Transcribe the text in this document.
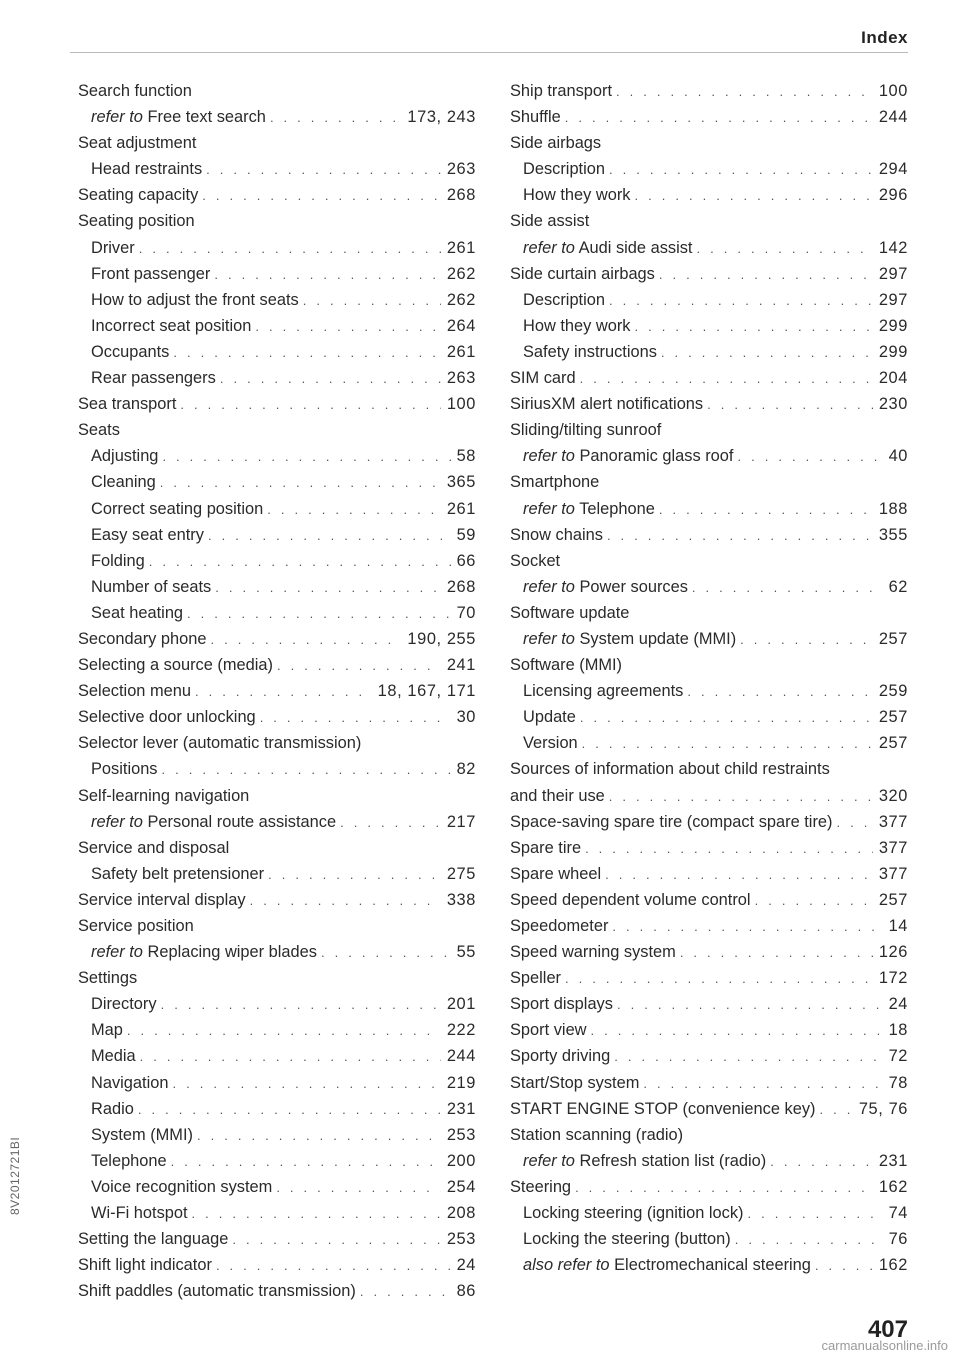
Index
Search function
refer to Free text search . . .	173, 243
Seat adjustment
Head restraints . . .	263
Seating capacity . . .	268
Seating position
Driver . . .	261
Front passenger . . .	262
How to adjust the front seats . . .	262
Incorrect seat position . . .	264
Occupants . . .	261
Rear passengers . . .	263
Sea transport . . .	100
Seats
Adjusting . . .	58
Cleaning . . .	365
Correct seating position . . .	261
Easy seat entry . . .	59
Folding . . .	66
Number of seats . . .	268
Seat heating . . .	70
Secondary phone . . .	190, 255
Selecting a source (media) . . .	241
Selection menu . . .	18, 167, 171
Selective door unlocking . . .	30
Selector lever (automatic transmission)
Positions . . .	82
Self-learning navigation
refer to Personal route assistance . . .	217
Service and disposal
Safety belt pretensioner . . .	275
Service interval display . . .	338
Service position
refer to Replacing wiper blades . . .	55
Settings
Directory . . .	201
Map . . .	222
Media . . .	244
Navigation . . .	219
Radio . . .	231
System (MMI) . . .	253
Telephone . . .	200
Voice recognition system . . .	254
Wi-Fi hotspot . . .	208
Setting the language . . .	253
Shift light indicator . . .	24
Shift paddles (automatic transmission) . . .	86
Ship transport . . .	100
Shuffle . . .	244
Side airbags
Description . . .	294
How they work . . .	296
Side assist
refer to Audi side assist . . .	142
Side curtain airbags . . .	297
Description . . .	297
How they work . . .	299
Safety instructions . . .	299
SIM card . . .	204
SiriusXM alert notifications . . .	230
Sliding/tilting sunroof
refer to Panoramic glass roof . . .	40
Smartphone
refer to Telephone . . .	188
Snow chains . . .	355
Socket
refer to Power sources . . .	62
Software update
refer to System update (MMI) . . .	257
Software (MMI)
Licensing agreements . . .	259
Update . . .	257
Version . . .	257
Sources of information about child restraints
and their use . . .	320
Space-saving spare tire (compact spare tire) . . .	377
Spare tire . . .	377
Spare wheel . . .	377
Speed dependent volume control . . .	257
Speedometer . . .	14
Speed warning system . . .	126
Speller . . .	172
Sport displays . . .	24
Sport view . . .	18
Sporty driving . . .	72
Start/Stop system . . .	78
START ENGINE STOP (convenience key) . . .	75, 76
Station scanning (radio)
refer to Refresh station list (radio) . . .	231
Steering . . .	162
Locking steering (ignition lock) . . .	74
Locking the steering (button) . . .	76
also refer to Electromechanical steering . . .	162
8V2012721BI
407
carmanualsonline.info
